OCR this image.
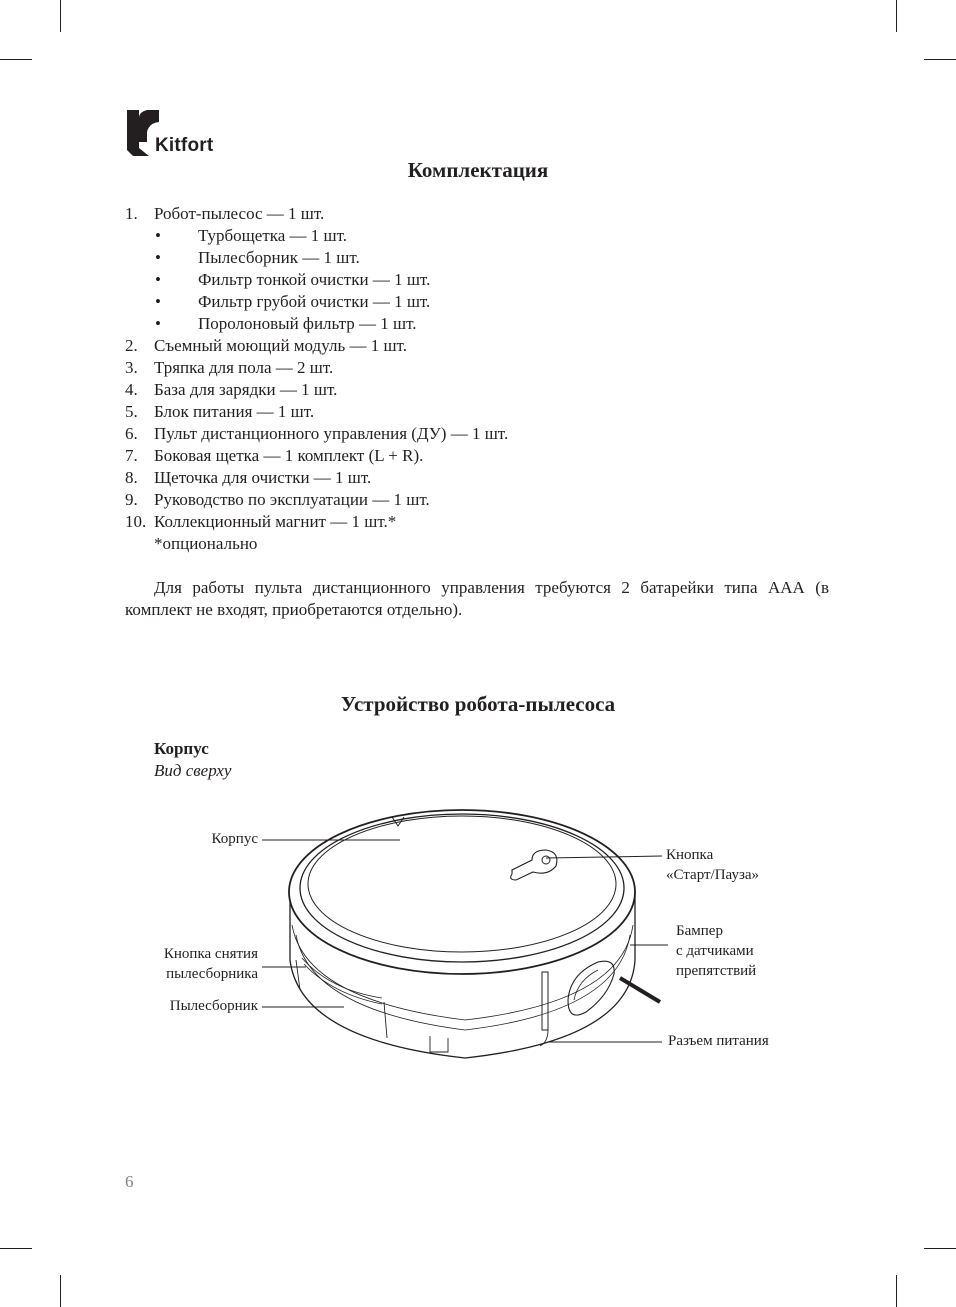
Kitfort
Комплектация
1. Робот-пылесос — 1 шт.
• Турбощетка — 1 шт.
• Пылесборник — 1 шт.
• Фильтр тонкой очистки — 1 шт.
• Фильтр грубой очистки — 1 шт.
• Поролоновый фильтр — 1 шт.
2. Съемный моющий модуль — 1 шт.
3. Тряпка для пола — 2 шт.
4. База для зарядки — 1 шт.
5. Блок питания — 1 шт.
6. Пульт дистанционного управления (ДУ) — 1 шт.
7. Боковая щетка — 1 комплект (L + R).
8. Щеточка для очистки — 1 шт.
9. Руководство по эксплуатации — 1 шт.
10. Коллекционный магнит — 1 шт.*
*опционально

Для работы пульта дистанционного управления требуются 2 батарейки типа ААА (в комплект не входят, приобретаются отдельно).

Устройство робота-пылесоса
Корпус
Вид сверху
Корпус
Кнопка снятия
пылесборника
Пылесборник
Кнопка
«Старт/Пауза»
Бампер
с датчиками
препятствий
Разъем питания
6
